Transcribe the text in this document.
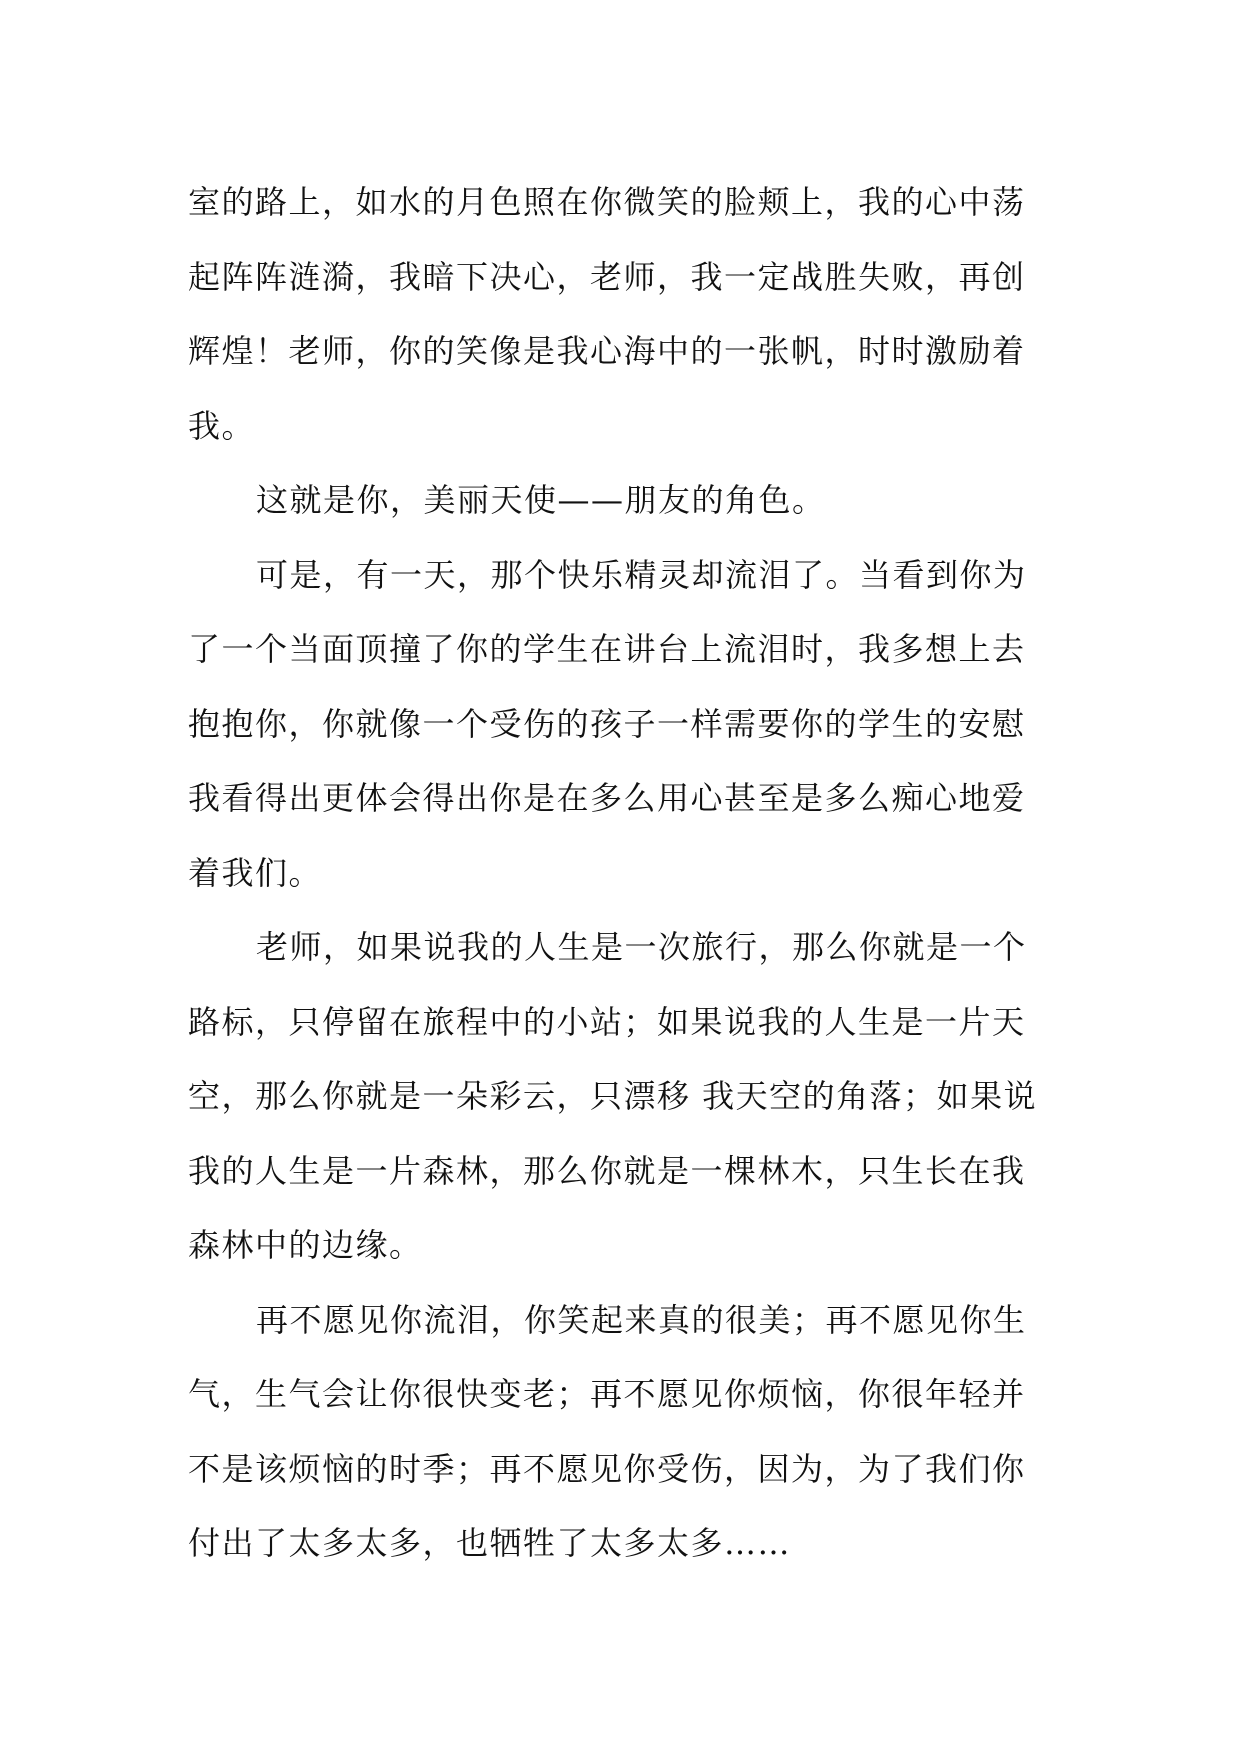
室的路上，如水的月色照在你微笑的脸颊上，我的心中荡
起阵阵涟漪，我暗下决心，老师，我一定战胜失败，再创
辉煌！老师，你的笑像是我心海中的一张帆，时时激励着
我。
这就是你，美丽天使——朋友的角色。
可是，有一天，那个快乐精灵却流泪了。当看到你为
了一个当面顶撞了你的学生在讲台上流泪时，我多想上去
抱抱你，你就像一个受伤的孩子一样需要你的学生的安慰
我看得出更体会得出你是在多么用心甚至是多么痴心地爱
着我们。
老师，如果说我的人生是一次旅行，那么你就是一个
路标，只停留在旅程中的小站；如果说我的人生是一片天
空，那么你就是一朵彩云，只漂移 我天空的角落；如果说
我的人生是一片森林，那么你就是一棵林木，只生长在我
森林中的边缘。
再不愿见你流泪，你笑起来真的很美；再不愿见你生
气，生气会让你很快变老；再不愿见你烦恼，你很年轻并
不是该烦恼的时季；再不愿见你受伤，因为，为了我们你
付出了太多太多，也牺牲了太多太多……
